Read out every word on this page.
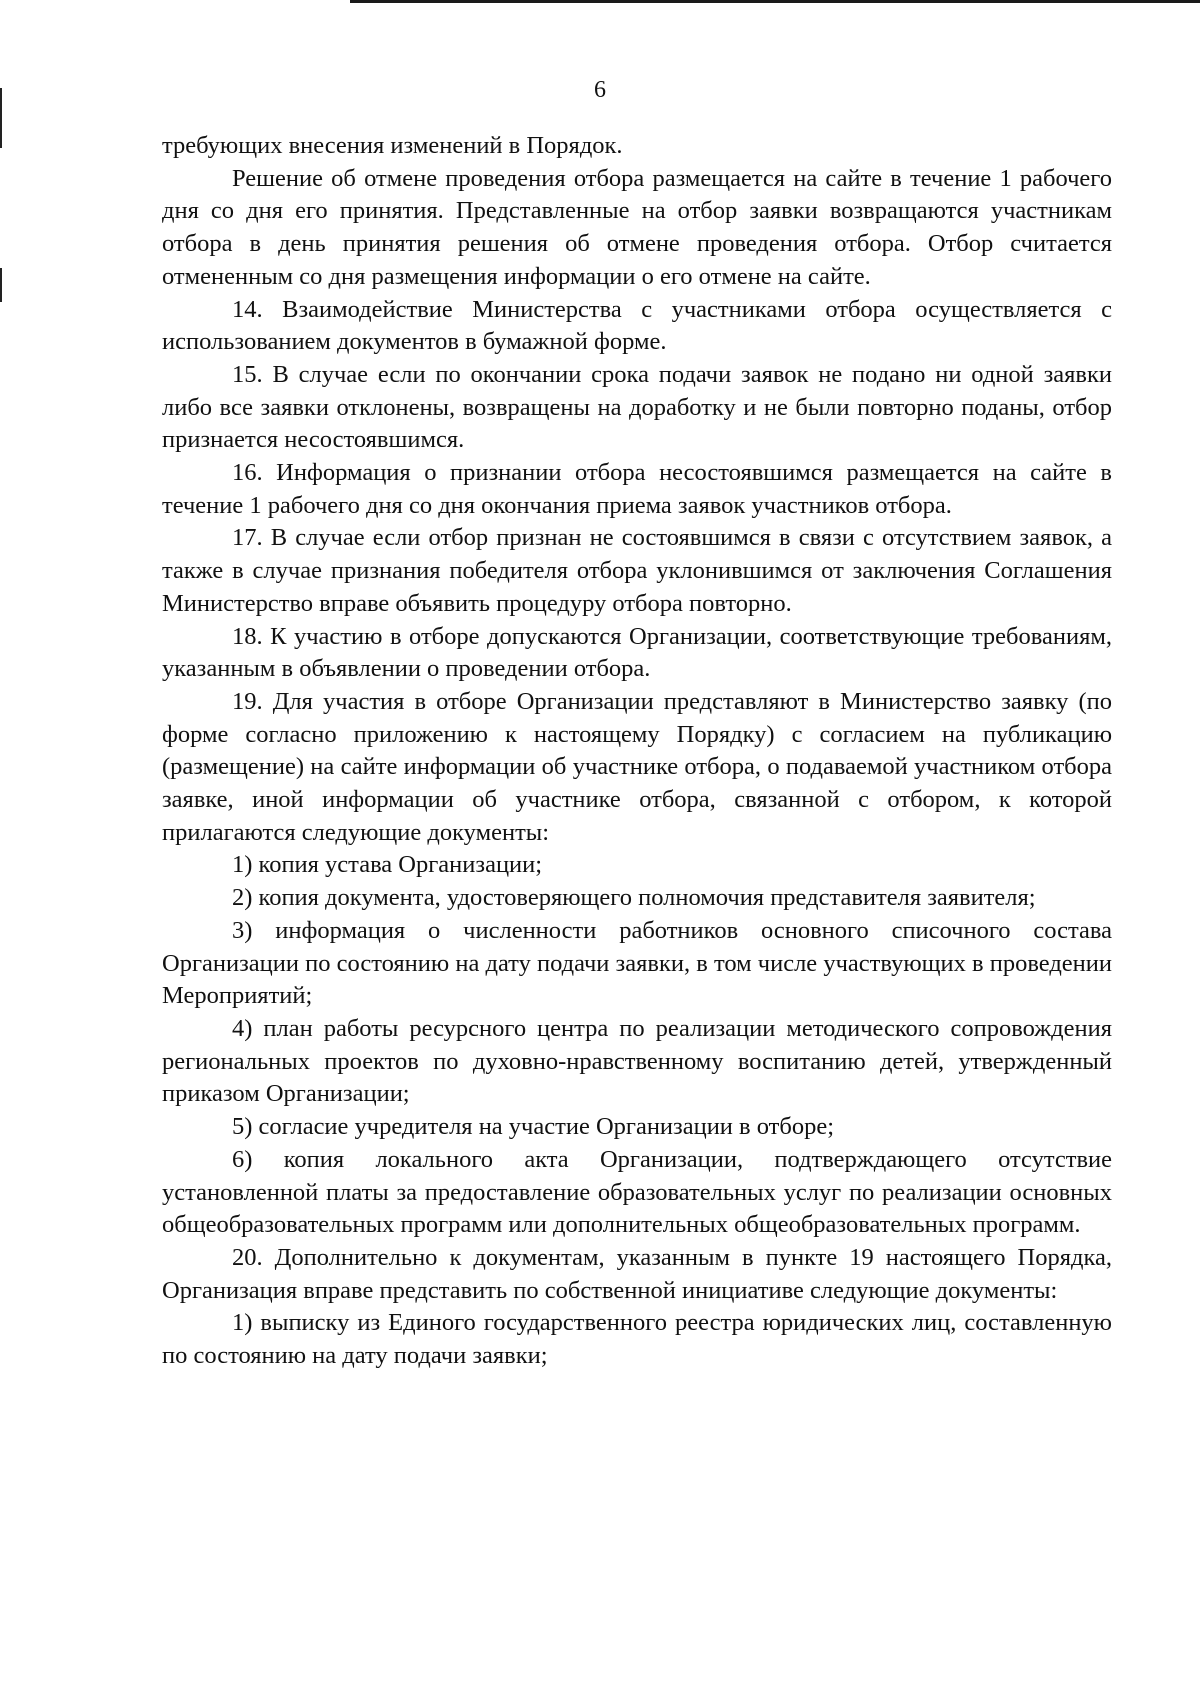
6

требующих внесения изменений в Порядок.

Решение об отмене проведения отбора размещается на сайте в течение 1 рабочего дня со дня его принятия. Представленные на отбор заявки возвращаются участникам отбора в день принятия решения об отмене проведения отбора. Отбор считается отмененным со дня размещения информации о его отмене на сайте.

14. Взаимодействие Министерства с участниками отбора осуществляется с использованием документов в бумажной форме.

15. В случае если по окончании срока подачи заявок не подано ни одной заявки либо все заявки отклонены, возвращены на доработку и не были повторно поданы, отбор признается несостоявшимся.

16. Информация о признании отбора несостоявшимся размещается на сайте в течение 1 рабочего дня со дня окончания приема заявок участников отбора.

17. В случае если отбор признан не состоявшимся в связи с отсутствием заявок, а также в случае признания победителя отбора уклонившимся от заключения Соглашения Министерство вправе объявить процедуру отбора повторно.

18. К участию в отборе допускаются Организации, соответствующие требованиям, указанным в объявлении о проведении отбора.

19. Для участия в отборе Организации представляют в Министерство заявку (по форме согласно приложению к настоящему Порядку) с согласием на публикацию (размещение) на сайте информации об участнике отбора, о подаваемой участником отбора заявке, иной информации об участнике отбора, связанной с отбором, к которой прилагаются следующие документы:

1) копия устава Организации;

2) копия документа, удостоверяющего полномочия представителя заявителя;

3) информация о численности работников основного списочного состава Организации по состоянию на дату подачи заявки, в том числе участвующих в проведении Мероприятий;

4) план работы ресурсного центра по реализации методического сопровождения региональных проектов по духовно-нравственному воспитанию детей, утвержденный приказом Организации;

5) согласие учредителя на участие Организации в отборе;

6) копия локального акта Организации, подтверждающего отсутствие установленной платы за предоставление образовательных услуг по реализации основных общеобразовательных программ или дополнительных общеобразовательных программ.

20. Дополнительно к документам, указанным в пункте 19 настоящего Порядка, Организация вправе представить по собственной инициативе следующие документы:

1) выписку из Единого государственного реестра юридических лиц, составленную по состоянию на дату подачи заявки;
